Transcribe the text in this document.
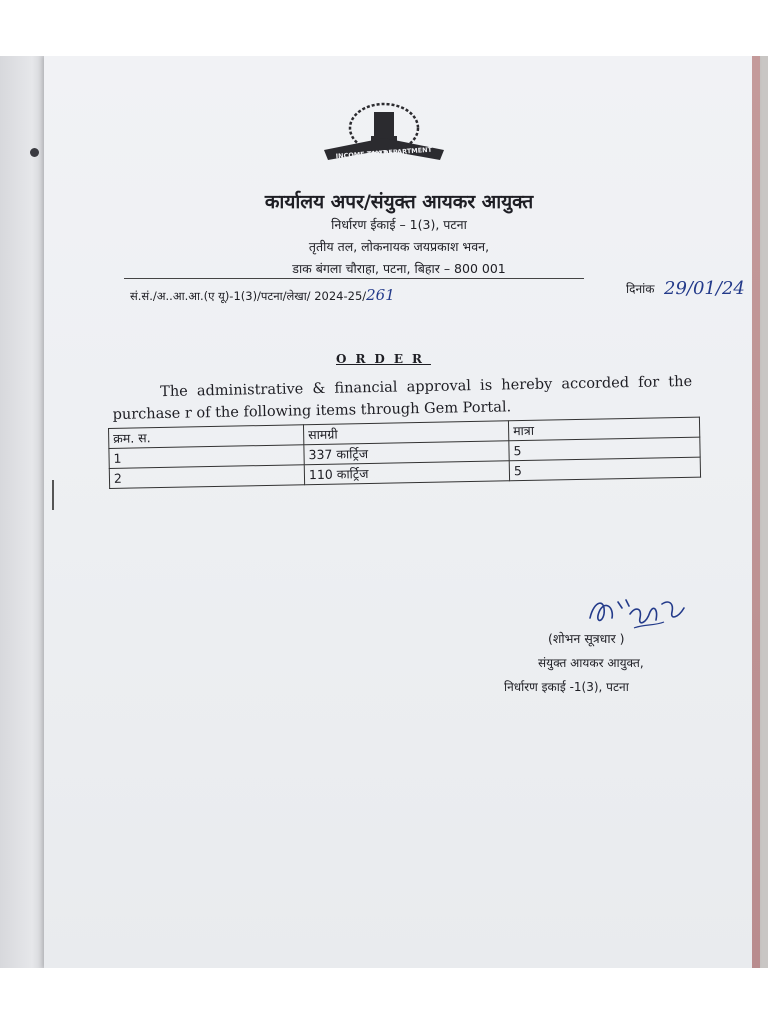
INCOME TAX DEPARTMENT
कार्यालय अपर/संयुक्त आयकर आयुक्त
निर्धारण ईकाई – 1(3), पटना
तृतीय तल, लोकनायक जयप्रकाश भवन,
डाक बंगला चौराहा, पटना, बिहार – 800 001
सं.सं./अ..आ.आ.(ए यू)-1(3)/पटना/लेखा/ 2024-25/261	दिनांक 29/01/24
ORDER
The administrative & financial approval is hereby accorded for the
purchase r of the following items through Gem Portal.
क्रम. स.	सामग्री	मात्रा
1	337 कार्ट्रिज	5
2	110 कार्ट्रिज	5
(शोभन सूत्रधार )
संयुक्त आयकर आयुक्त,
निर्धारण इकाई -1(3), पटना
